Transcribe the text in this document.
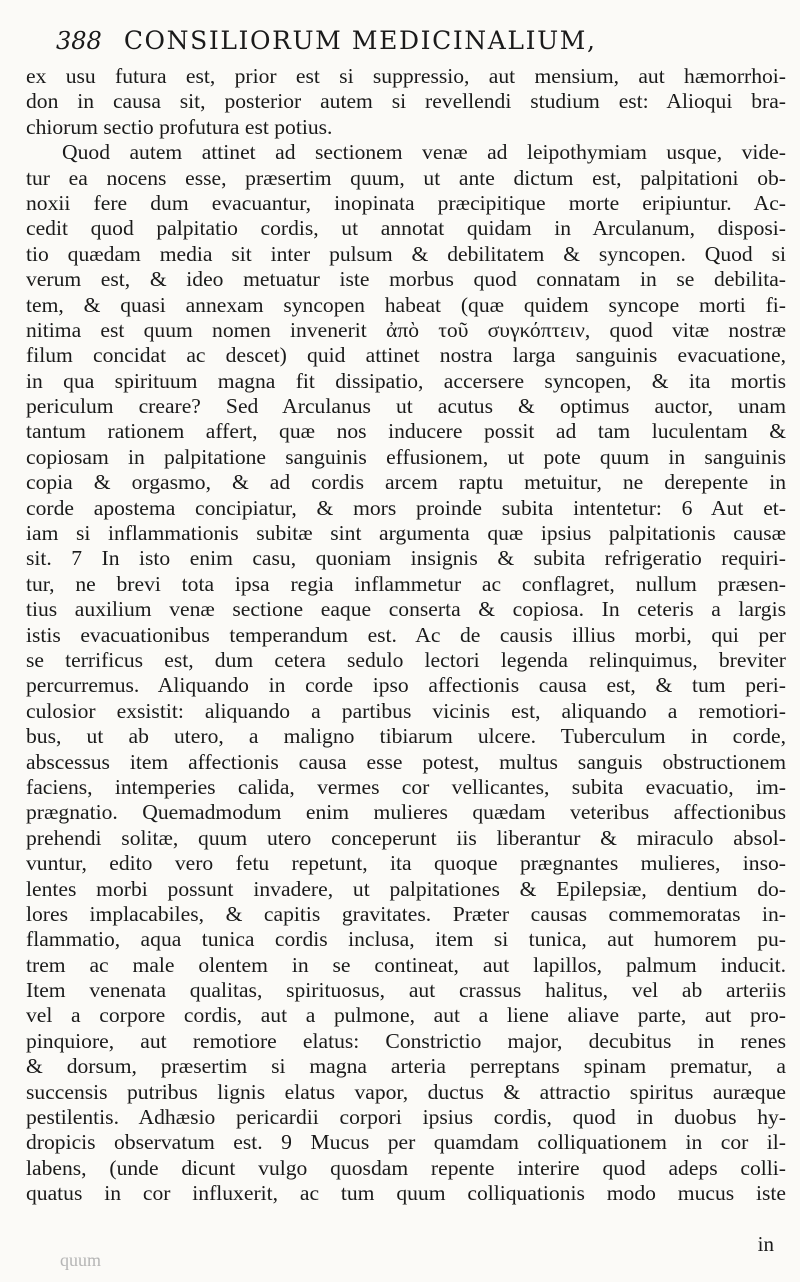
388 CONSILIORUM MEDICINALIUM,
ex usu futura est, prior est si suppressio, aut mensium, aut hæmorrhoi-
don in causa sit, posterior autem si revellendi studium est: Alioqui bra-
chiorum sectio profutura est potius.
Quod autem attinet ad sectionem venæ ad leipothymiam usque, vide-
tur ea nocens esse, præsertim quum, ut ante dictum est, palpitationi ob-
noxii fere dum evacuantur, inopinata præcipitique morte eripiuntur. Ac-
cedit quod palpitatio cordis, ut annotat quidam in Arculanum, disposi-
tio quædam media sit inter pulsum & debilitatem & syncopen. Quod si
verum est, & ideo metuatur iste morbus quod connatam in se debilita-
tem, & quasi annexam syncopen habeat (quæ quidem syncope morti fi-
nitima est quum nomen invenerit ἀπὸ τοῦ συγκόπτειν, quod vitæ nostræ
filum concidat ac descet) quid attinet nostra larga sanguinis evacuatione,
in qua spirituum magna fit dissipatio, accersere syncopen, & ita mortis
periculum creare? Sed Arculanus ut acutus & optimus auctor, unam
tantum rationem affert, quæ nos inducere possit ad tam luculentam &
copiosam in palpitatione sanguinis effusionem, ut pote quum in sanguinis
copia & orgasmo, & ad cordis arcem raptu metuitur, ne derepente in
corde apostema concipiatur, & mors proinde subita intentetur: 6 Aut et-
iam si inflammationis subitæ sint argumenta quæ ipsius palpitationis causæ
sit. 7 In isto enim casu, quoniam insignis & subita refrigeratio requiri-
tur, ne brevi tota ipsa regia inflammetur ac conflagret, nullum præsen-
tius auxilium venæ sectione eaque conserta & copiosa. In ceteris a largis
istis evacuationibus temperandum est. Ac de causis illius morbi, qui per
se terrificus est, dum cetera sedulo lectori legenda relinquimus, breviter
percurremus. Aliquando in corde ipso affectionis causa est, & tum peri-
culosior exsistit: aliquando a partibus vicinis est, aliquando a remotiori-
bus, ut ab utero, a maligno tibiarum ulcere. Tuberculum in corde,
abscessus item affectionis causa esse potest, multus sanguis obstructionem
faciens, intemperies calida, vermes cor vellicantes, subita evacuatio, im-
prægnatio. Quemadmodum enim mulieres quædam veteribus affectionibus
prehendi solitæ, quum utero conceperunt iis liberantur & miraculo absol-
vuntur, edito vero fetu repetunt, ita quoque prægnantes mulieres, inso-
lentes morbi possunt invadere, ut palpitationes & Epilepsiæ, dentium do-
lores implacabiles, & capitis gravitates. Præter causas commemoratas in-
flammatio, aqua tunica cordis inclusa, item si tunica, aut humorem pu-
trem ac male olentem in se contineat, aut lapillos, palmum inducit.
Item venenata qualitas, spirituosus, aut crassus halitus, vel ab arteriis
vel a corpore cordis, aut a pulmone, aut a liene aliave parte, aut pro-
pinquiore, aut remotiore elatus: Constrictio major, decubitus in renes
& dorsum, præsertim si magna arteria perreptans spinam prematur, a
succensis putribus lignis elatus vapor, ductus & attractio spiritus auræque
pestilentis. Adhæsio pericardii corpori ipsius cordis, quod in duobus hy-
dropicis observatum est. 9 Mucus per quamdam colliquationem in cor il-
labens, (unde dicunt vulgo quosdam repente interire quod adeps colli-
quatus in cor influxerit, ac tum quum colliquationis modo mucus iste
in
quum
